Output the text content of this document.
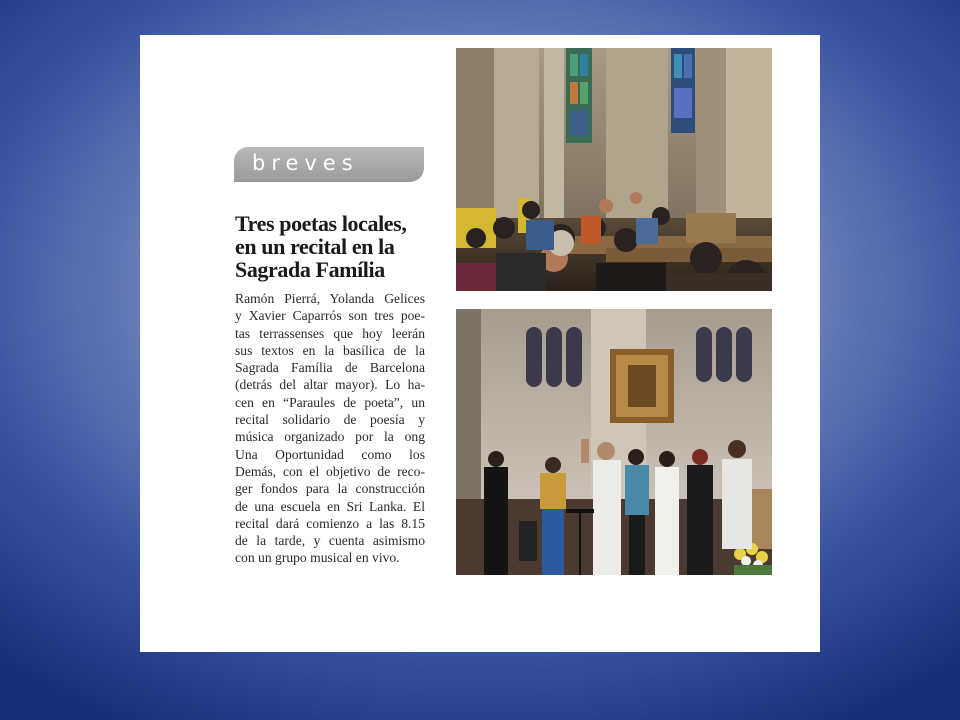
breves
Tres poetas locales,
en un recital en la
Sagrada Família
Ramón Pierrá, Yolanda Gelices
y Xavier Caparrós son tres poe-
tas terrassenses que hoy leerán
sus textos en la basílica de la
Sagrada Família de Barcelona
(detrás del altar mayor). Lo ha-
cen en “Paraules de poeta”, un
recital solidario de poesía y
música organizado por la ong
Una Oportunidad como los
Demás, con el objetivo de reco-
ger fondos para la construcción
de una escuela en Sri Lanka. El
recital dará comienzo a las 8.15
de la tarde, y cuenta asimismo
con un grupo musical en vivo.
